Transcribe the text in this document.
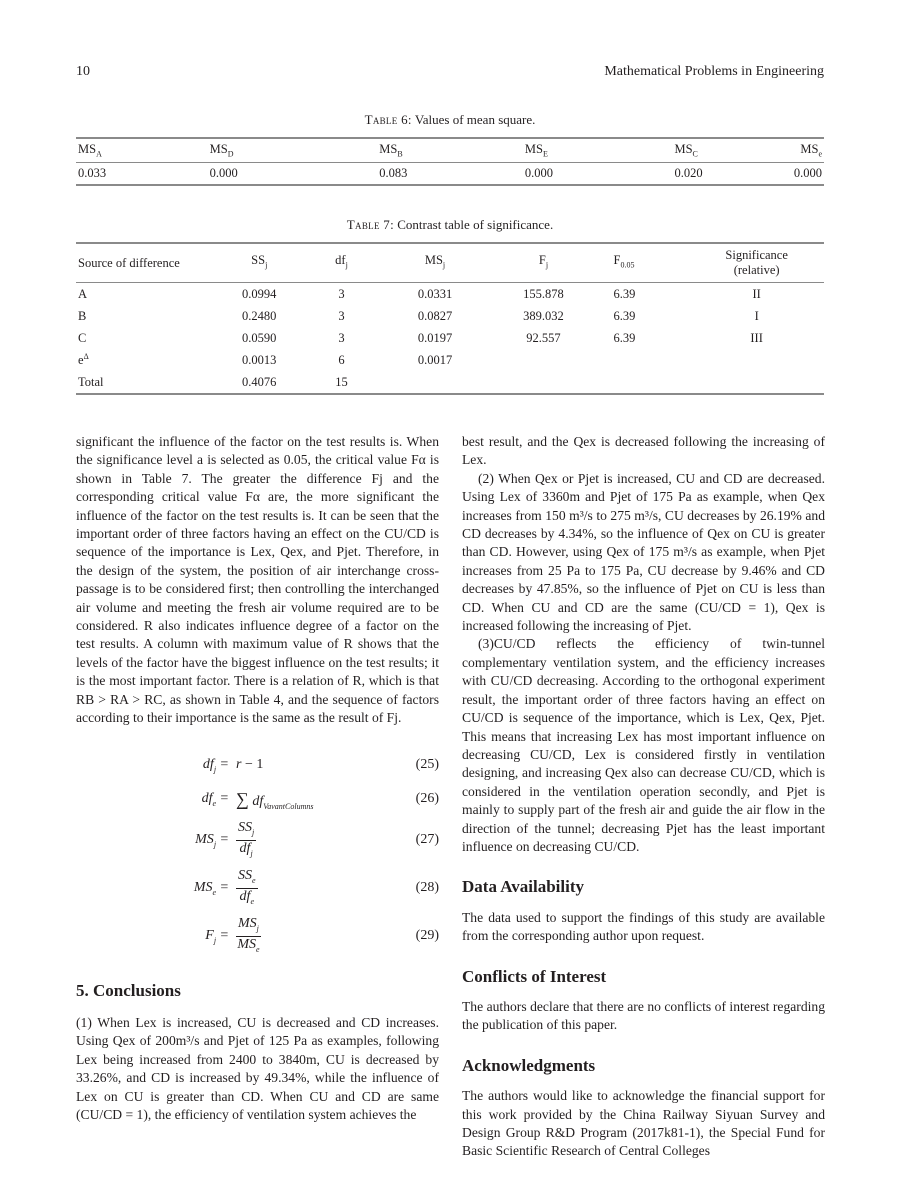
10	Mathematical Problems in Engineering
Table 6: Values of mean square.
$MS_A$	$MS_D$	$MS_B$	$MS_E$	$MS_C$	$MS_e$
0.033	0.000	0.083	0.000	0.020	0.000
Table 7: Contrast table of significance.
Source of difference	$SS_j$	$df_j$	$MS_j$	$F_j$	$F_{0.05}$	Significance
(relative)
A	0.0994	3	0.0331	155.878	6.39	II
B	0.2480	3	0.0827	389.032	6.39	I
C	0.0590	3	0.0197	92.557	6.39	III
$e^\Delta$	0.0013	6	0.0017			
Total	0.4076	15				

significant the influence of the factor on the test results is. When the significance level a is selected as 0.05, the critical value Fα is shown in Table 7. The greater the difference Fj and the corresponding critical value Fα are, the more significant the influence of the factor on the test results is. It can be seen that the important order of three factors having an effect on the CU/CD is sequence of the importance is Lex, Qex, and Pjet. Therefore, in the design of the system, the position of air interchange cross-passage is to be considered first; then controlling the interchanged air volume and meeting the fresh air volume required are to be considered. R also indicates influence degree of a factor on the test results. A column with maximum value of R shows that the levels of the factor have the biggest influence on the test results; it is the most important factor. There is a relation of R, which is that RB > RA > RC, as shown in Table 4, and the sequence of factors according to their importance is the same as the result of Fj.

$df_j = r - 1$	(25)
$df_e$ = ∑ $df_{VavantColumns}$
(26)
$MS_j = \frac{SS_j}{df_j}$	(27)
$MS_e = \frac{SS_e}{df_e}$	(28)
$F_j = \frac{MS_j}{MS_e}$	(29)
5. Conclusions

(1) When Lex is increased, CU is decreased and CD increases. Using Qex of 200m³/s and Pjet of 125 Pa as examples, following Lex being increased from 2400 to 3840m, CU is decreased by 33.26%, and CD is increased by 49.34%, while the influence of Lex on CU is greater than CD. When CU and CD are same (CU/CD = 1), the efficiency of ventilation system achieves the

best result, and the Qex is decreased following the increasing of Lex.

(2) When Qex or Pjet is increased, CU and CD are decreased. Using Lex of 3360m and Pjet of 175 Pa as example, when Qex increases from 150 m³/s to 275 m³/s, CU decreases by 26.19% and CD decreases by 4.34%, so the influence of Qex on CU is greater than CD. However, using Qex of 175 m³/s as example, when Pjet increases from 25 Pa to 175 Pa, CU decrease by 9.46% and CD decreases by 47.85%, so the influence of Pjet on CU is less than CD. When CU and CD are the same (CU/CD = 1), Qex is increased following the increasing of Pjet.

(3)CU/CD reflects the efficiency of twin-tunnel complementary ventilation system, and the efficiency increases with CU/CD decreasing. According to the orthogonal experiment result, the important order of three factors having an effect on CU/CD is sequence of the importance, which is Lex, Qex, Pjet. This means that increasing Lex has most important influence on decreasing CU/CD, Lex is considered firstly in ventilation designing, and increasing Qex also can decrease CU/CD, which is considered in the ventilation operation secondly, and Pjet is mainly to supply part of the fresh air and guide the air flow in the direction of the tunnel; decreasing Pjet has the least important influence on decreasing CU/CD.

Data Availability

The data used to support the findings of this study are available from the corresponding author upon request.

Conflicts of Interest

The authors declare that there are no conflicts of interest regarding the publication of this paper.

Acknowledgments

The authors would like to acknowledge the financial support for this work provided by the China Railway Siyuan Survey and Design Group R&D Program (2017k81-1), the Special Fund for Basic Scientific Research of Central Colleges
